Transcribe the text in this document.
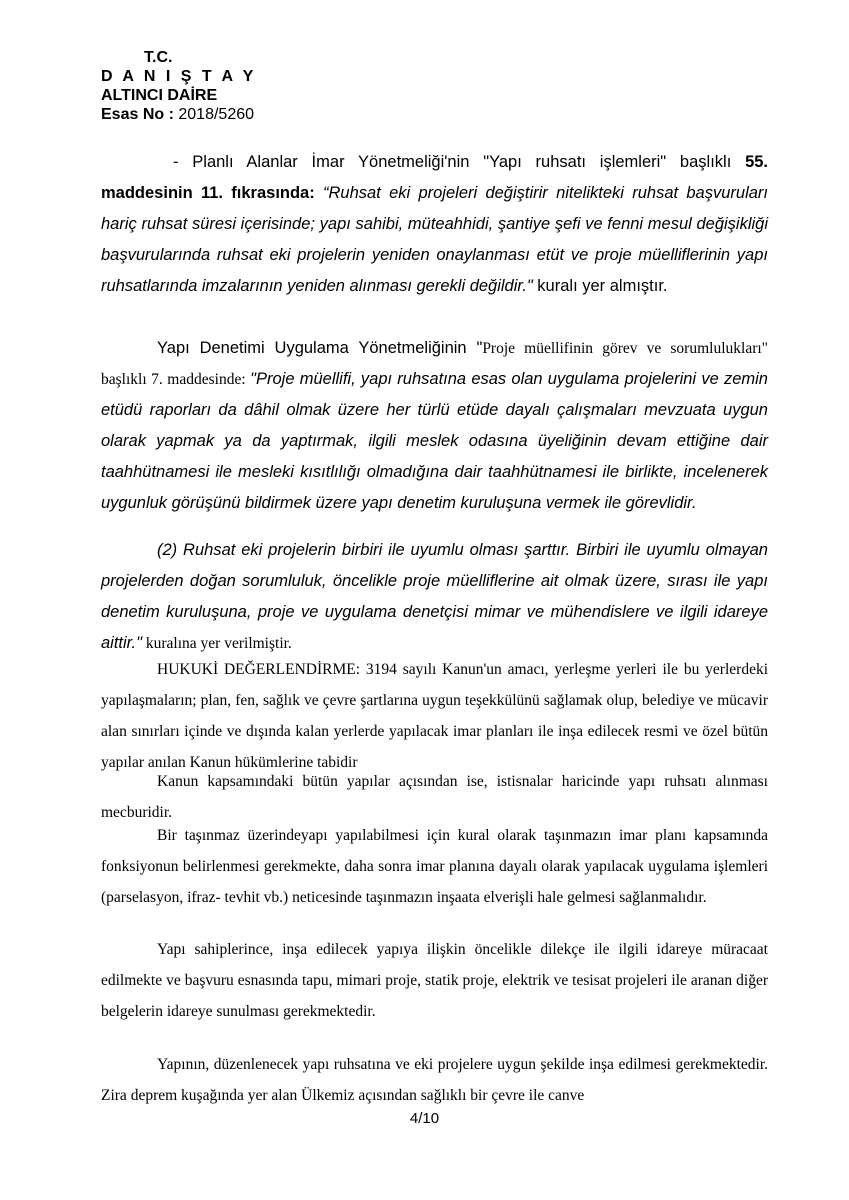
T.C.
D A N I Ş T A Y
ALTINCI DAİRE
Esas No : 2018/5260

- Planlı Alanlar İmar Yönetmeliği'nin "Yapı ruhsatı işlemleri" başlıklı 55. maddesinin 11. fıkrasında: “Ruhsat eki projeleri değiştirir nitelikteki ruhsat başvuruları hariç ruhsat süresi içerisinde; yapı sahibi, müteahhidi, şantiye şefi ve fenni mesul değişikliği başvurularında ruhsat eki projelerin yeniden onaylanması etüt ve proje müelliflerinin yapı ruhsatlarında imzalarının yeniden alınması gerekli değildir." kuralı yer almıştır.

Yapı Denetimi Uygulama Yönetmeliğinin "Proje müellifinin görev ve sorumlulukları" başlıklı 7. maddesinde: "Proje müellifi, yapı ruhsatına esas olan uygulama projelerini ve zemin etüdü raporları da dâhil olmak üzere her türlü etüde dayalı çalışmaları mevzuata uygun olarak yapmak ya da yaptırmak, ilgili meslek odasına üyeliğinin devam ettiğine dair taahhütnamesi ile mesleki kısıtlılığı olmadığına dair taahhütnamesi ile birlikte, incelenerek uygunluk görüşünü bildirmek üzere yapı denetim kuruluşuna vermek ile görevlidir.

(2) Ruhsat eki projelerin birbiri ile uyumlu olması şarttır. Birbiri ile uyumlu olmayan projelerden doğan sorumluluk, öncelikle proje müelliflerine ait olmak üzere, sırası ile yapı denetim kuruluşuna, proje ve uygulama denetçisi mimar ve mühendislere ve ilgili idareye aittir." kuralına yer verilmiştir.

HUKUKİ DEĞERLENDİRME: 3194 sayılı Kanun'un amacı, yerleşme yerleri ile bu yerlerdeki yapılaşmaların; plan, fen, sağlık ve çevre şartlarına uygun teşekkülünü sağlamak olup, belediye ve mücavir alan sınırları içinde ve dışında kalan yerlerde yapılacak imar planları ile inşa edilecek resmi ve özel bütün yapılar anılan Kanun hükümlerine tabidir

Kanun kapsamındaki bütün yapılar açısından ise, istisnalar haricinde yapı ruhsatı alınması mecburidir.

Bir taşınmaz üzerindeyapı yapılabilmesi için kural olarak taşınmazın imar planı kapsamında fonksiyonun belirlenmesi gerekmekte, daha sonra imar planına dayalı olarak yapılacak uygulama işlemleri (parselasyon, ifraz- tevhit vb.) neticesinde taşınmazın inşaata elverişli hale gelmesi sağlanmalıdır.

Yapı sahiplerince, inşa edilecek yapıya ilişkin öncelikle dilekçe ile ilgili idareye müracaat edilmekte ve başvuru esnasında tapu, mimari proje, statik proje, elektrik ve tesisat projeleri ile aranan diğer belgelerin idareye sunulması gerekmektedir.

Yapının, düzenlenecek yapı ruhsatına ve eki projelere uygun şekilde inşa edilmesi gerekmektedir. Zira deprem kuşağında yer alan Ülkemiz açısından sağlıklı bir çevre ile canve

4/10
